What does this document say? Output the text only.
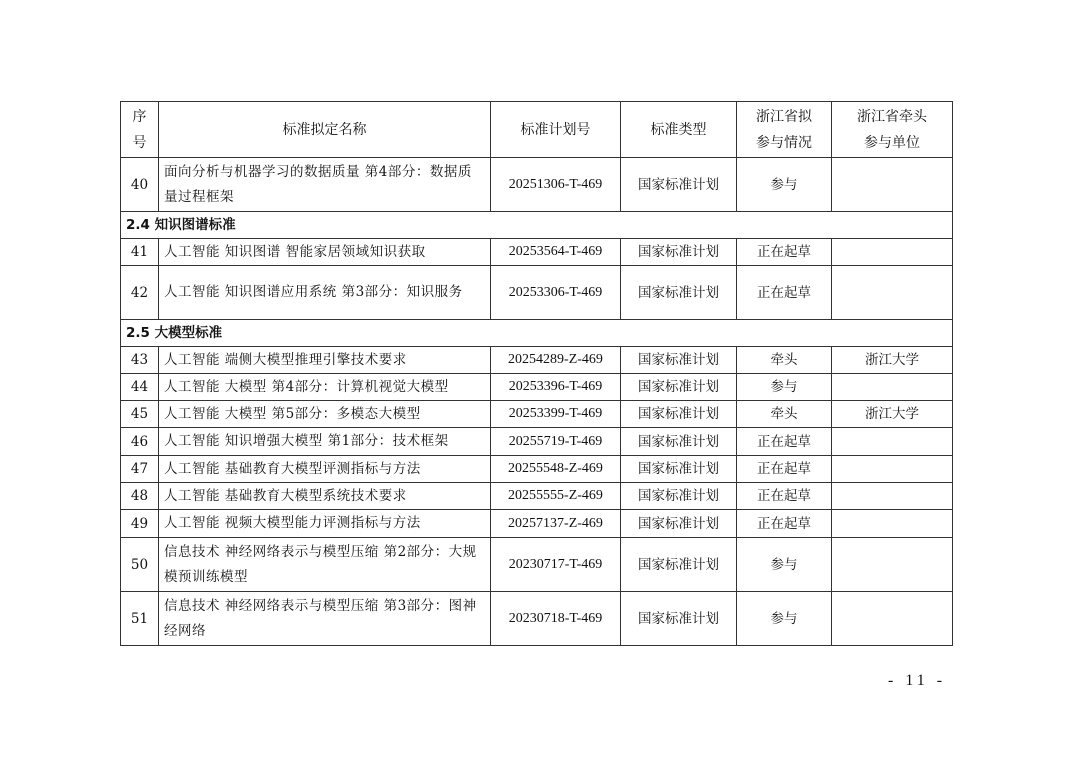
序号	标准拟定名称	标准计划号	标准类型	浙江省拟参与情况	浙江省牵头参与单位
40	面向分析与机器学习的数据质量 第4部分：数据质量过程框架	20251306-T-469	国家标准计划	参与	
2.4 知识图谱标准					
41	人工智能 知识图谱 智能家居领域知识获取	20253564-T-469	国家标准计划	正在起草	
42	人工智能 知识图谱应用系统 第3部分：知识服务	20253306-T-469	国家标准计划	正在起草	
2.5 大模型标准					
43	人工智能 端侧大模型推理引擎技术要求	20254289-Z-469	国家标准计划	牵头	浙江大学
44	人工智能 大模型 第4部分：计算机视觉大模型	20253396-T-469	国家标准计划	参与	
45	人工智能 大模型 第5部分：多模态大模型	20253399-T-469	国家标准计划	牵头	浙江大学
46	人工智能 知识增强大模型 第1部分：技术框架	20255719-T-469	国家标准计划	正在起草	
47	人工智能 基础教育大模型评测指标与方法	20255548-Z-469	国家标准计划	正在起草	
48	人工智能 基础教育大模型系统技术要求	20255555-Z-469	国家标准计划	正在起草	
49	人工智能 视频大模型能力评测指标与方法	20257137-Z-469	国家标准计划	正在起草	
50	信息技术 神经网络表示与模型压缩 第2部分：大规模预训练模型	20230717-T-469	国家标准计划	参与	
51	信息技术 神经网络表示与模型压缩 第3部分：图神经网络	20230718-T-469	国家标准计划	参与	
- 11 -
